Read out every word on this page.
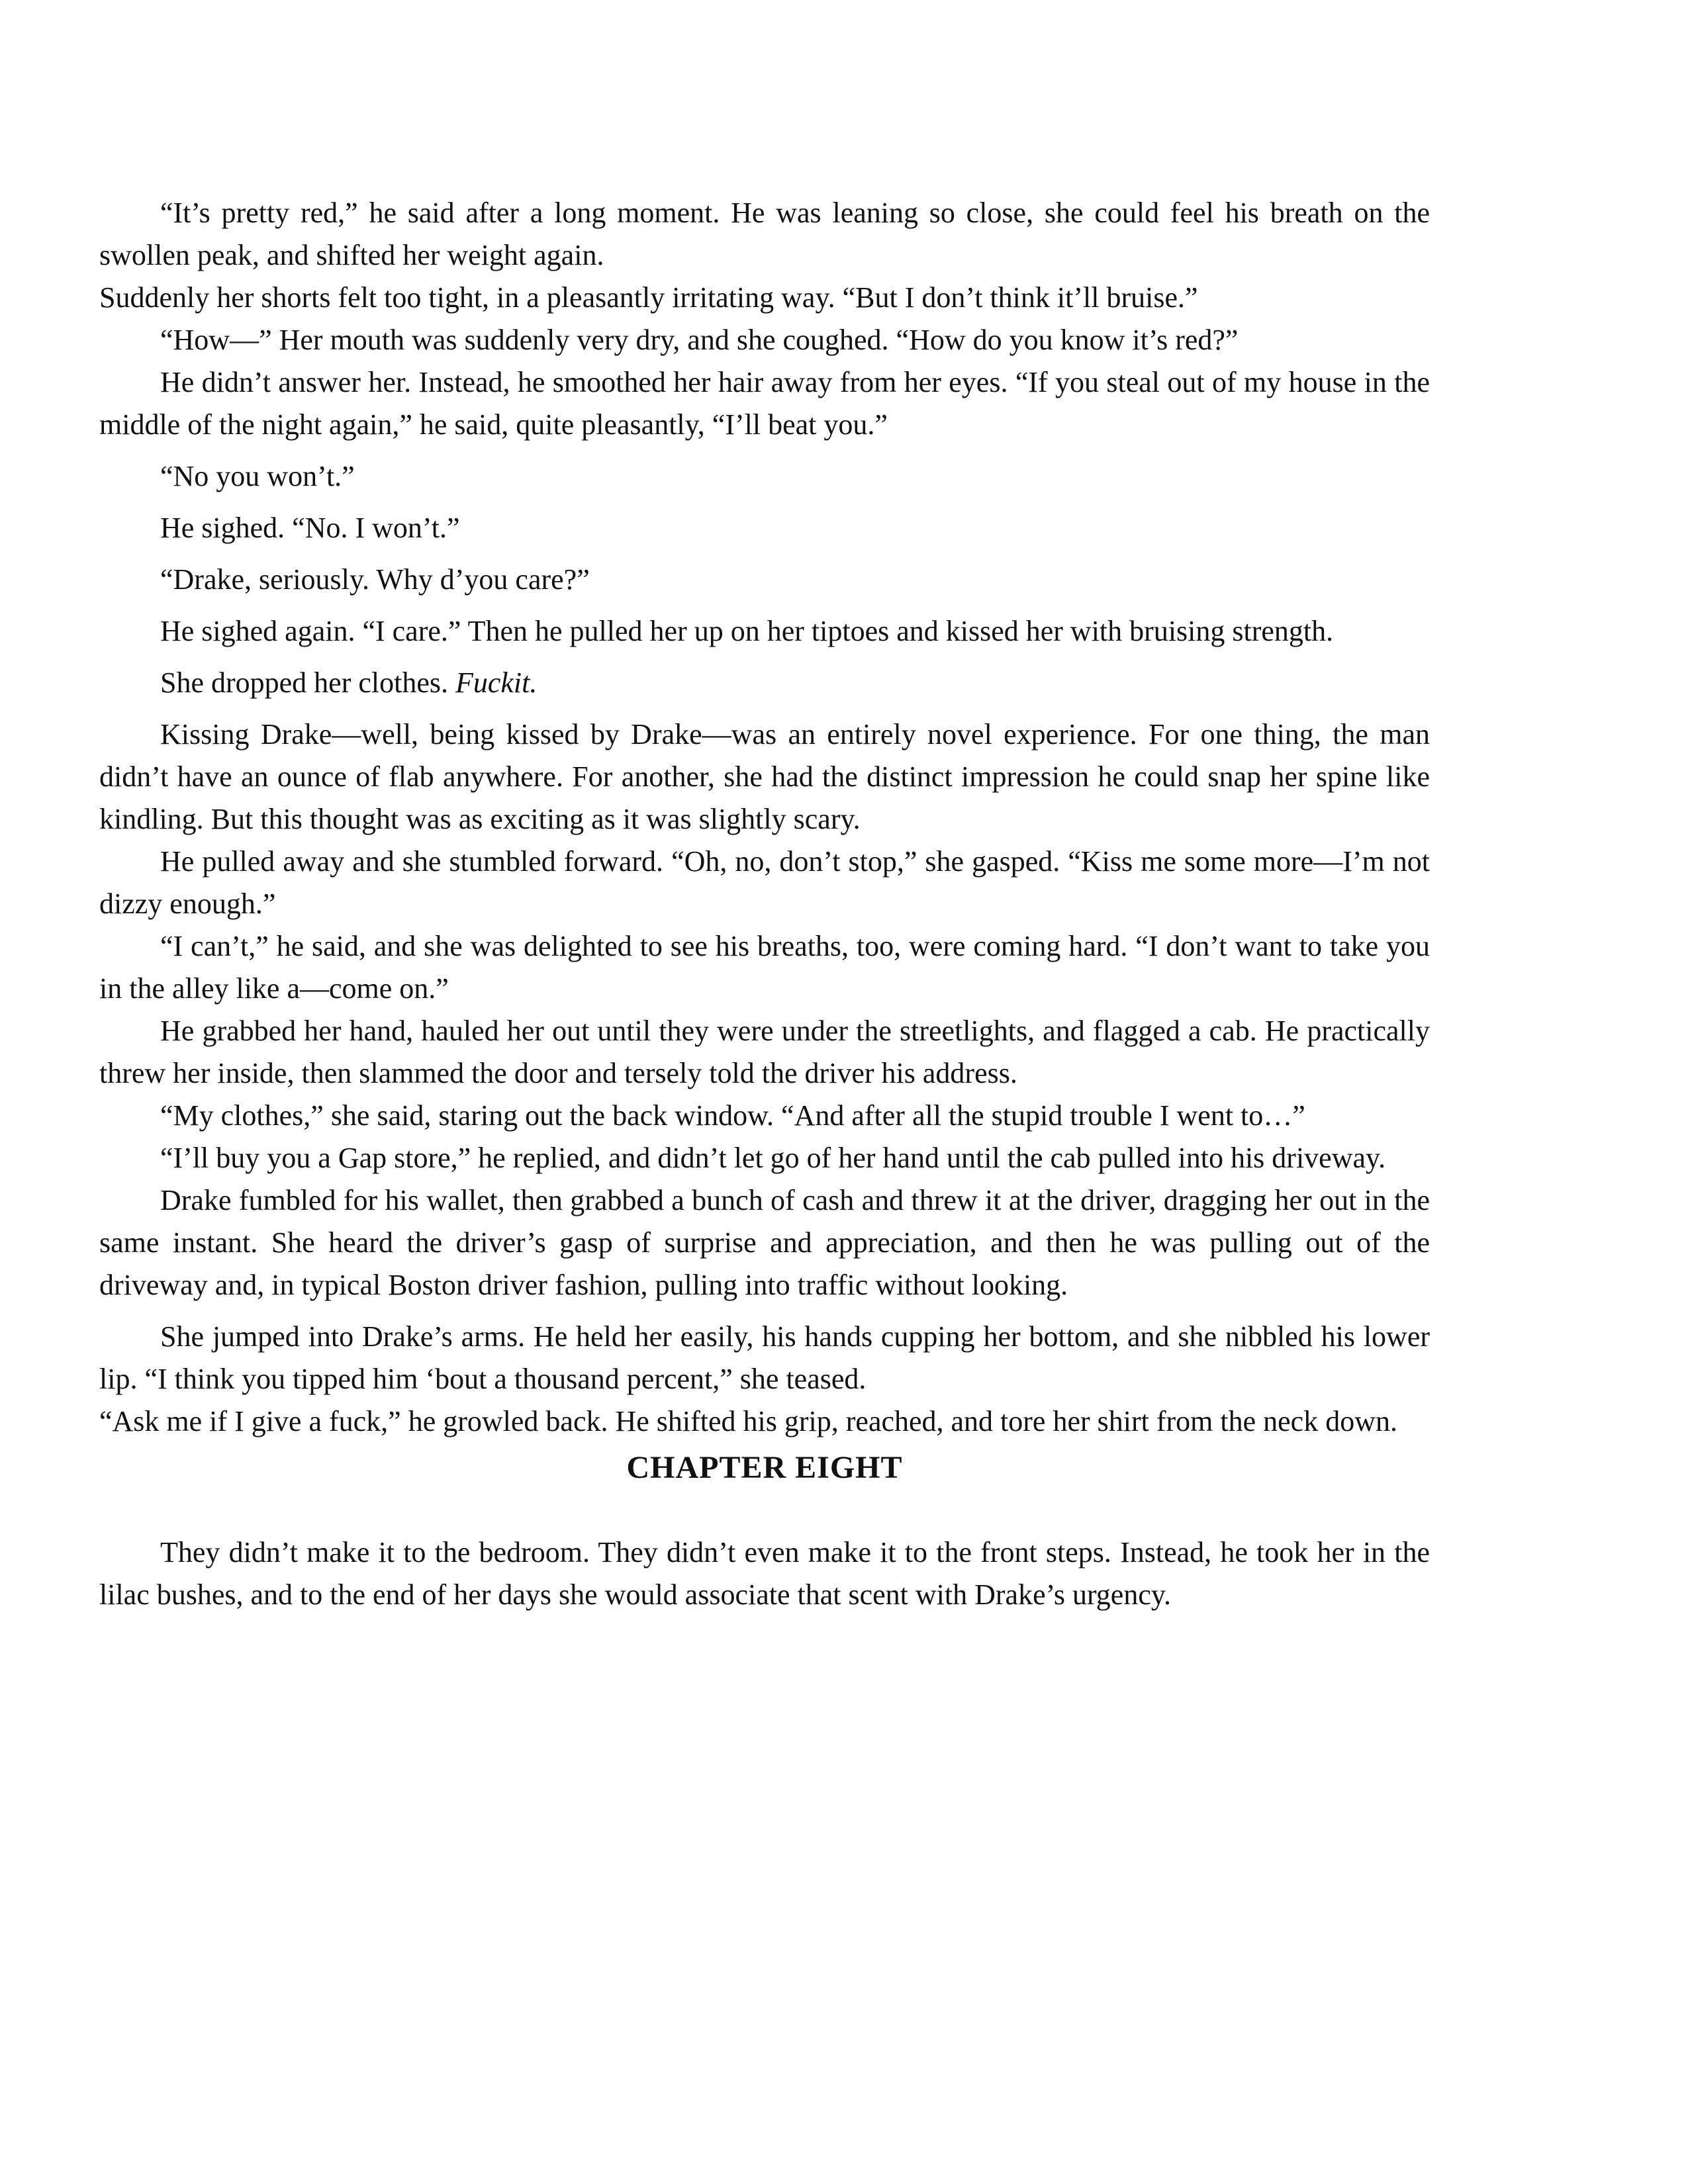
“It’s pretty red,” he said after a long moment. He was leaning so close, she could feel his breath on the swollen peak, and shifted her weight again.

Suddenly her shorts felt too tight, in a pleasantly irritating way. “But I don’t think it’ll bruise.”

“How—” Her mouth was suddenly very dry, and she coughed. “How do you know it’s red?”

He didn’t answer her. Instead, he smoothed her hair away from her eyes. “If you steal out of my house in the middle of the night again,” he said, quite pleasantly, “I’ll beat you.”

“No you won’t.”

He sighed. “No. I won’t.”

“Drake, seriously. Why d’you care?”

He sighed again. “I care.” Then he pulled her up on her tiptoes and kissed her with bruising strength.

She dropped her clothes. Fuckit.

Kissing Drake—well, being kissed by Drake—was an entirely novel experience. For one thing, the man didn’t have an ounce of flab anywhere. For another, she had the distinct impression he could snap her spine like kindling. But this thought was as exciting as it was slightly scary.

He pulled away and she stumbled forward. “Oh, no, don’t stop,” she gasped. “Kiss me some more—I’m not dizzy enough.”

“I can’t,” he said, and she was delighted to see his breaths, too, were coming hard. “I don’t want to take you in the alley like a—come on.”

He grabbed her hand, hauled her out until they were under the streetlights, and flagged a cab. He practically threw her inside, then slammed the door and tersely told the driver his address.

“My clothes,” she said, staring out the back window. “And after all the stupid trouble I went to…”

“I’ll buy you a Gap store,” he replied, and didn’t let go of her hand until the cab pulled into his driveway.

Drake fumbled for his wallet, then grabbed a bunch of cash and threw it at the driver, dragging her out in the same instant. She heard the driver’s gasp of surprise and appreciation, and then he was pulling out of the driveway and, in typical Boston driver fashion, pulling into traffic without looking.

She jumped into Drake’s arms. He held her easily, his hands cupping her bottom, and she nibbled his lower lip. “I think you tipped him ‘bout a thousand percent,” she teased.

“Ask me if I give a fuck,” he growled back. He shifted his grip, reached, and tore her shirt from the neck down.

CHAPTER EIGHT

They didn’t make it to the bedroom. They didn’t even make it to the front steps. Instead, he took her in the lilac bushes, and to the end of her days she would associate that scent with Drake’s urgency.
